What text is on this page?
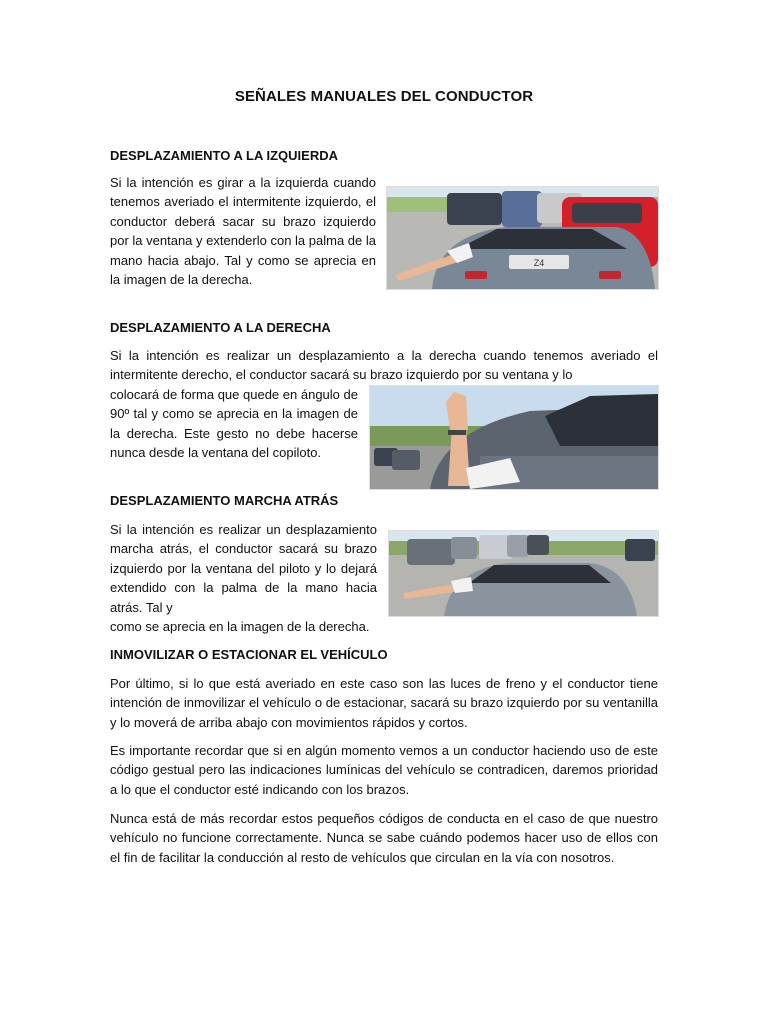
SEÑALES MANUALES DEL CONDUCTOR
DESPLAZAMIENTO A LA IZQUIERDA
Si la intención es girar a la izquierda cuando tenemos averiado el intermitente izquierdo, el conductor deberá sacar su brazo izquierdo por la ventana y extenderlo con la palma de la mano hacia abajo. Tal y como se aprecia en la imagen de la derecha.
Z4
DESPLAZAMIENTO A LA DERECHA
Si la intención es realizar un desplazamiento a la derecha cuando tenemos averiado el intermitente derecho, el conductor sacará su brazo izquierdo por su ventana y lo
colocará de forma que quede en ángulo de 90º tal y como se aprecia en la imagen de la derecha. Este gesto no debe hacerse nunca desde la ventana del copiloto.
DESPLAZAMIENTO MARCHA ATRÁS
Si la intención es realizar un desplazamiento marcha atrás, el conductor sacará su brazo izquierdo por la ventana del piloto y lo dejará extendido con la palma de la mano hacia atrás. Tal y
como se aprecia en la imagen de la derecha.
INMOVILIZAR O ESTACIONAR EL VEHÍCULO
Por último, si lo que está averiado en este caso son las luces de freno y el conductor tiene intención de inmovilizar el vehículo o de estacionar, sacará su brazo izquierdo por su ventanilla y lo moverá de arriba abajo con movimientos rápidos y cortos.
Es importante recordar que si en algún momento vemos a un conductor haciendo uso de este código gestual pero las indicaciones lumínicas del vehículo se contradicen, daremos prioridad a lo que el conductor esté indicando con los brazos.
Nunca está de más recordar estos pequeños códigos de conducta en el caso de que nuestro vehículo no funcione correctamente. Nunca se sabe cuándo podemos hacer uso de ellos con el fin de facilitar la conducción al resto de vehículos que circulan en la vía con nosotros.
